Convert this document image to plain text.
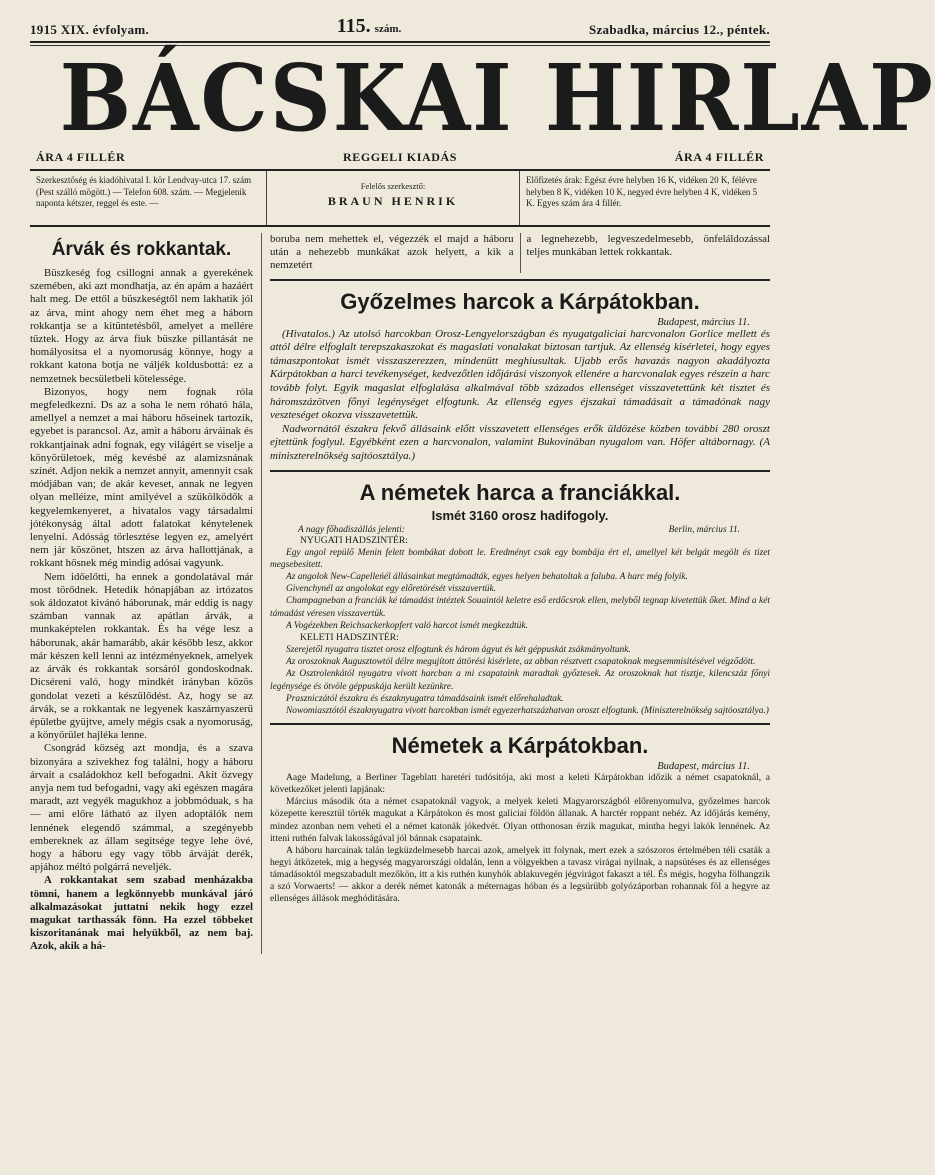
1915 XIX. évfolyam.	115. szám.	Szabadka, március 12., péntek.
BÁCSKAI HIRLAP
ÁRA 4 FILLÉR	REGGELI KIADÁS	ÁRA 4 FILLÉR
Szerkesztőség és kiadóhivatal I. kör Lendvay-utca 17. szám (Pest szálló mögött.) — Telefon 608. szám. — Megjelenik naponta kétszer, reggel és este. —
Felelős szerkesztő:
BRAUN HENRIK
Előfizetés árak: Egész évre helyben 16 K, vidéken 20 K, félévre helyben 8 K, vidéken 10 K, negyed évre helyben 4 K, vidéken 5 K. Egyes szám ára 4 fillér.
Árvák és rokkantak.

Büszkeség fog csillogni annak a gyerekének szemében, aki azt mondhatja, az én apám a hazáért halt meg. De ettől a büszkeségtől nem lakhatik jól az árva, mint ahogy nem éhet meg a háborn rokkantja se a kitüntetésből, amelyet a mellére tűztek. Hogy az árva fiuk büszke pillantását ne homályositsa el a nyomoruság könnye, hogy a rokkant katona botja ne váljék koldusbottá: ez a nemzetnek becsületbeli kötelessége.

Bizonyos, hogy nem fognak róla megfeledkezni. Ds az a soha le nem róható hála, amellyel a nemzet a mai háboru hőseinek tartozik, egyebet is parancsol. Az, amit a háboru árváinak és rokkantjainak adni fognak, egy világért se viselje a könyörületoek, még kevésbé az alamizsnának színét. Adjon nekik a nemzet annyit, amennyit csak módjában van; de akár keveset, annak ne legyen olyan melléize, mint amilyével a szükölködők a kegyelemkenyeret, a hivatalos vagy társadalmi jótékonyság által adott falatokat kénytelenek lenyelni. Adósság törlesztése legyen ez, amelyért nem jár köszönet, htszen az árva hallottjának, a rokkant hősnek még mindig adósai vagyunk.

Nem időelőtti, ha ennek a gondolatával már most törődnek. Hetedik hónapjában az irtózatos sok áldozatot kivánó háborunak, már eddig is nagy számban vannak az apátlan árvák, a munkaképtelen rokkantak. És ha vége lesz a háborunak, akár hamarább, akár később lesz, akkor már készen kell lenni az intézményeknek, amelyek az árvák és rokkantak sorsáról gondoskodnak. Dicséreni való, hogy mindkét irányban közös gondolat vezeti a készülődést. Az, hogy se az árvák, se a rokkantak ne legyenek kaszárnyaszerű épületbe gyüjtve, amely mégis csak a nyomoruság, a könyörület hajléka lenne.

Csongrád község azt mondja, és a szava bizonyára a szivekhez fog találni, hogy a háboru árvait a családokhoz kell befogadni. Akit özvegy anyja nem tud befogadni, vagy aki egészen magára maradt, azt vegyék magukhoz a jobbmóduak, s ha — ami előre látható az ilyen adoptálók nem lennének elegendő számmal, a szegényebb embereknek az állam segitsége tegye lehe övé, hogy a háboru egy vagy több árváját derék, apjához méltó polgárrá neveljék.

A rokkantakat sem szabad menházakba tömni, hanem a legkönnyebb munkával járó alkalmazásokat juttatni nekik hogy ezzel magukat tarthassák fönn. Ha ezzel többeket kiszoritanának mai helyükből, az nem baj. Azok, akik a há-

boruba nem mehettek el, végezzék el majd a háboru után a nehezebb munkákat azok helyett, a kik a nemzetért
a legnehezebb, legveszedelmesebb, önfeláldozással teljes munkában lettek rokkantak.
Győzelmes harcok a Kárpátokban.
Budapest, március 11.

(Hivatalos.) Az utolsó harcokban Orosz-Lengyelországban és nyugatgaliciai harcvonalon Gorlice mellett és attól délre elfoglalt terepszakaszokat és magaslati vonalakat biztosan tartjuk. Az ellenség kisérletei, hogy egyes támaszpontokat ismét visszaszerezzen, mindenütt meghiusultak. Ujabb erős havazás nagyon akadályozta Kárpátokban a harci tevékenységet, kedvezőtlen időjárási viszonyok ellenére a harcvonalak egyes részein a harc tovább folyt. Egyik magaslat elfoglalása alkalmával több százados ellenséget visszavetettünk két tisztet és háromszázötven főnyi legénységet elfogtunk. Az ellenség egyes éjszakai támadásait a támadónak nagy veszteséget okozva visszavetettük.

Nadwornától északra fekvő állásaink előtt visszavetett ellenséges erők üldözése közben további 280 oroszt ejtettünk foglyul. Egyébként ezen a harcvonalon, valamint Bukovinában nyugalom van. Höfer altábornagy. (A miniszterelnökség sajtóosztálya.)

A németek harca a franciákkal.
Ismét 3160 orosz hadifogoly.
A nagy főhadiszállás jelenti:	Berlin, március 11.
NYUGATI HADSZINTÉR:

Egy angol repülő Menin felett bombákat dobott le. Eredményt csak egy bombája ért el, amellyel két belgát megölt és tizet megsebesitett.

Az angolok New-Capelleńél állásainkat megtámadták, egyes helyen behatoltak a faluba. A harc még folyik.

Givenchynél az angolokat egy előretörését visszavertük.

Champagneban a franciák ké támadást intéztek Souaintól keletre eső erdőcsrok ellen, melyből tegnap kivetettük őket. Mind a két támadást véresen visszavertük.

A Vogézekben Reichsackerkopfert való harcot ismét megkezdtük.

KELETI HADSZINTÉR:

Szerejetől nyugatra tisztet orosz elfogtunk és három ágyut és két géppuskát zsákmányoltunk.

Az oroszoknak Augusztowtól délre megujított áttörési kisérlete, az abban résztvett csapatoknak megsemmisitésével végződött.

Az Osztrolenkától nyugatra vívott harcban a mi csapataink maradtak győztesek. Az oroszoknak hat tisztje, kilencszáz főnyi legénysége és ötvöle géppuskája került kezünkre.

Praszniczától északra és északnyugatra támadásaink ismét előrehaladtak.

Nowomiasztótól északnyugatra vívott harcokban ismét egyezerhatszázhatvan oroszt elfogtunk. (Miniszterelnökség sajtóosztálya.)

Németek a Kárpátokban.
Budapest, március 11.

Aage Madelung, a Berliner Tageblatt haretéri tudósitója, aki most a keleti Kárpátokban időzik a német csapatoknál, a következőket jelenti lapjának:

Március második óta a német csapatoknál vagyok, a melyek keleti Magyarországból előrenyomulva, győzelmes harcok közepette keresztül törték magukat a Kárpátokon és most galiciai földön állanak. A harctér roppant nehéz. Az időjárás kemény, mindez azonban nem veheti el a német katonák jókedvét. Olyan otthonosan érzik magukat, mintha hegyi lakók lennének. Az itteni ruthén falvak lakosságával jól bánnak csapataink.

A háboru harcainak talán legküzdelmesebb harcai azok, amelyek itt folynak, mert ezek a szószoros értelmében téli csaták a hegyi átközetek, mig a hegység magyarországi oldalán, lenn a völgyekben a tavasz virágai nyilnak, a napsütéses és az ellenséges támadásoktól megszabadult mezőkön, itt a kis ruthén kunyhók ablakuvegén jégvirágot fakaszt a tél. És mégis, hogyha fölhangzik a szó Vorwaerts! — akkor a derék német katonák a méternagas hóban és a legsürübb golyózáporban rohannak föl a hegyre az ellenséges állások meghóditására.
